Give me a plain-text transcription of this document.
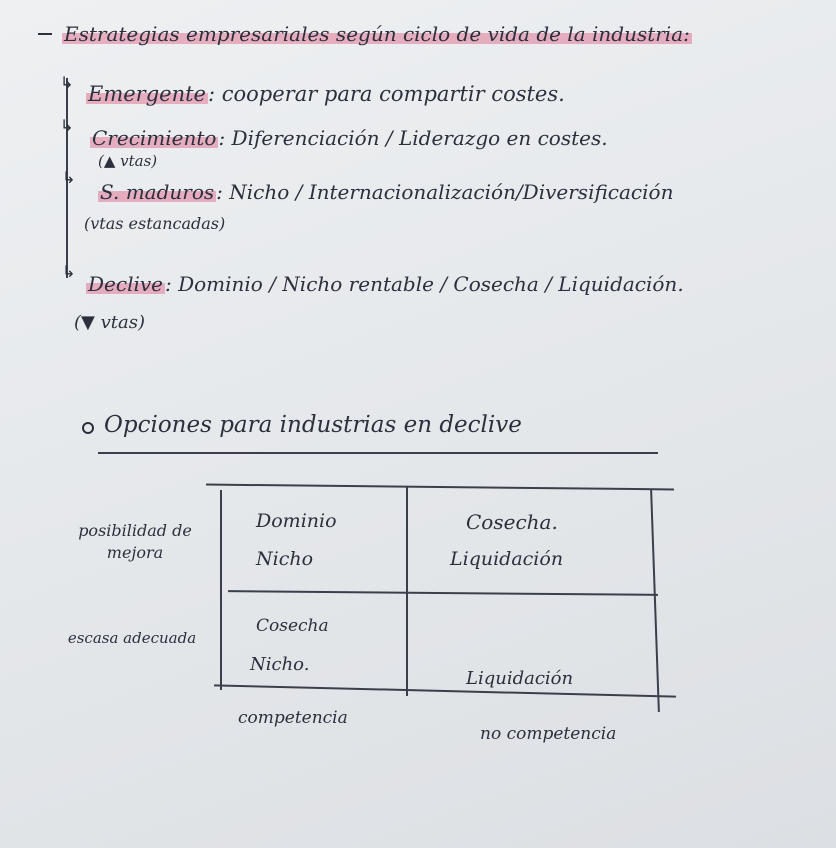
Estrategias empresariales según ciclo de vida de la industria:
↳ Emergente: cooperar para compartir costes.
↳
Crecimiento : Diferenciación / Liderazgo en costes.
(▲ vtas)
↳
S. maduros : Nicho / Internacionalización/Diversificación
(vtas estancadas)
↳
Declive : Dominio / Nicho rentable / Cosecha / Liquidación.
(▼ vtas)
Opciones para industrias en declive
posibilidad de mejora
escasa adecuada
Dominio
Nicho
Cosecha.
Liquidación
Cosecha
Nicho.
Liquidación
competencia
no competencia
